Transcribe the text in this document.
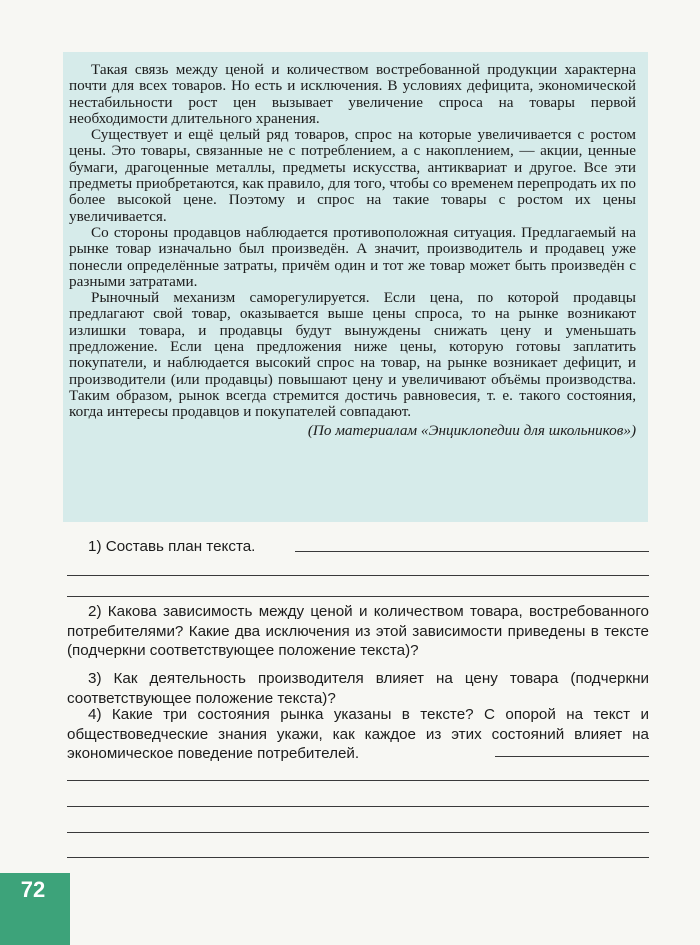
Такая связь между ценой и количеством востребованной продукции характерна почти для всех товаров. Но есть и исключения. В условиях дефицита, экономической нестабильности рост цен вызывает увеличение спроса на товары первой необходимости длительного хранения.

Существует и ещё целый ряд товаров, спрос на которые увеличивается с ростом цены. Это товары, связанные не с потреблением, а с накоплением, — акции, ценные бумаги, драгоценные металлы, предметы искусства, антиквариат и другое. Все эти предметы приобретаются, как правило, для того, чтобы со временем перепродать их по более высокой цене. Поэтому и спрос на такие товары с ростом их цены увеличивается.

Со стороны продавцов наблюдается противоположная ситуация. Предлагаемый на рынке товар изначально был произведён. А значит, производитель и продавец уже понесли определённые затраты, причём один и тот же товар может быть произведён с разными затратами.

Рыночный механизм саморегулируется. Если цена, по которой продавцы предлагают свой товар, оказывается выше цены спроса, то на рынке возникают излишки товара, и продавцы будут вынуждены снижать цену и уменьшать предложение. Если цена предложения ниже цены, которую готовы заплатить покупатели, и наблюдается высокий спрос на товар, на рынке возникает дефицит, и производители (или продавцы) повышают цену и увеличивают объёмы производства. Таким образом, рынок всегда стремится достичь равновесия, т. е. такого состояния, когда интересы продавцов и покупателей совпадают.

(По материалам «Энциклопедии для школьников»)

1) Составь план текста.

2) Какова зависимость между ценой и количеством товара, востребованного потребителями? Какие два исключения из этой зависимости приведены в тексте (подчеркни соответствующее положение текста)?

3) Как деятельность производителя влияет на цену товара (подчеркни соответствующее положение текста)?

4) Какие три состояния рынка указаны в тексте? С опорой на текст и обществоведческие знания укажи, как каждое из этих состояний влияет на экономическое поведение потребителей.

72
